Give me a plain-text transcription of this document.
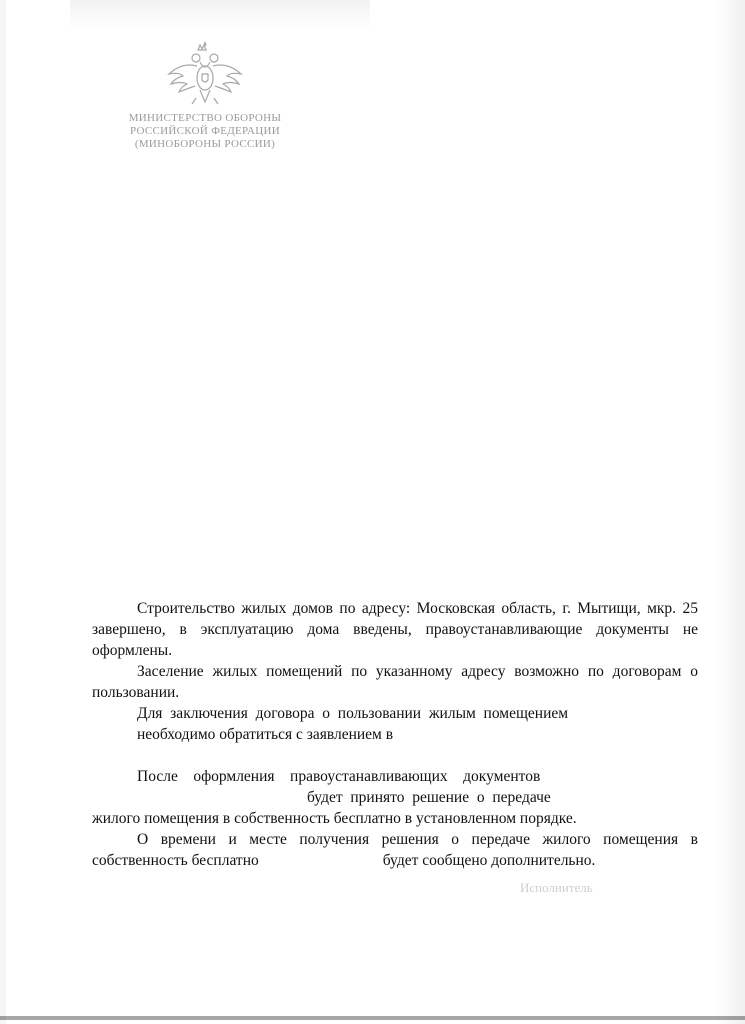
МИНИСТЕРСТВО ОБОРОНЫ
РОССИЙСКОЙ ФЕДЕРАЦИИ
(МИНОБОРОНЫ РОССИИ)

Строительство жилых домов по адресу: Московская область, г. Мытищи, мкр. 25 завершено, в эксплуатацию дома введены, правоустанавливающие документы не оформлены.

Заселение жилых помещений по указанному адресу возможно по договорам о пользовании.

Для  заключения  договора  о  пользовании  жилым  помещением
необходимо обратиться с заявлением в

После    оформления    правоустанавливающих    документов
будет  принято  решение  о  передаче
жилого помещения в собственность бесплатно в установленном порядке.

О времени и месте получения решения о передаче жилого помещения в собственность бесплатно                                будет сообщено дополнительно.

Исполнитель
